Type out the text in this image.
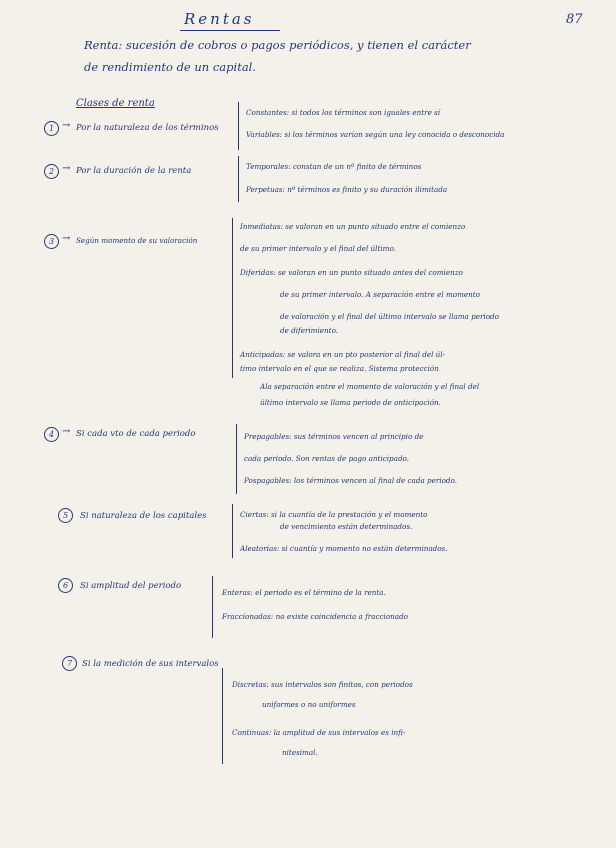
Rentas	87
Renta: sucesión de cobros o pagos periódicos, y tienen el carácter
de rendimiento de un capital.
Clases de renta
1 → Por la naturaleza de los términos
Constantes: si todos los términos son iguales entre sí
Variables: si los términos varían según una ley conocida o desconocida
2 → Por la duración de la renta	Temporales: constan de un nº finito de términos
Perpetuas: nº términos es finito y su duración ilimitada
3 → Según momento de su valoración
Inmediatas: se valoran en un punto situado entre el comienzo
de su primer intervalo y el final del último.
Diferidas: se valoran en un punto situado antes del comienzo
de su primer intervalo. A separación entre el momento
de valoración y el final del último intervalo se llama periodo
de diferimiento.
Anticipadas: se valora en un pto posterior al final del úl-
timo intervalo en el que se realiza. Sistema protección
Ala separación entre el momento de valoración y el final del
último intervalo se llama periodo de anticipación.
4 → Si cada vto de cada periodo	Prepagables: sus términos vencen al principio de
cada periodo. Son rentas de pago anticipado.
Pospagables: los términos vencen al final de cada periodo.
5	Si naturaleza de los capitales	Ciertas: si la cuantía de la prestación y el momento
de vencimiento están determinados.
Aleatorias: si cuantía y momento no están determinados.
6	Si amplitud del periodo
Enteras: el periodo es el término de la renta.
Fraccionadas: no existe coincidencia a fraccionado
7	Si la medición de sus intervalos
Discretas: sus intervalos son finitos, con periodos
uniformes o no uniformes
Continuas: la amplitud de sus intervalos es infi-
nitesimal.
